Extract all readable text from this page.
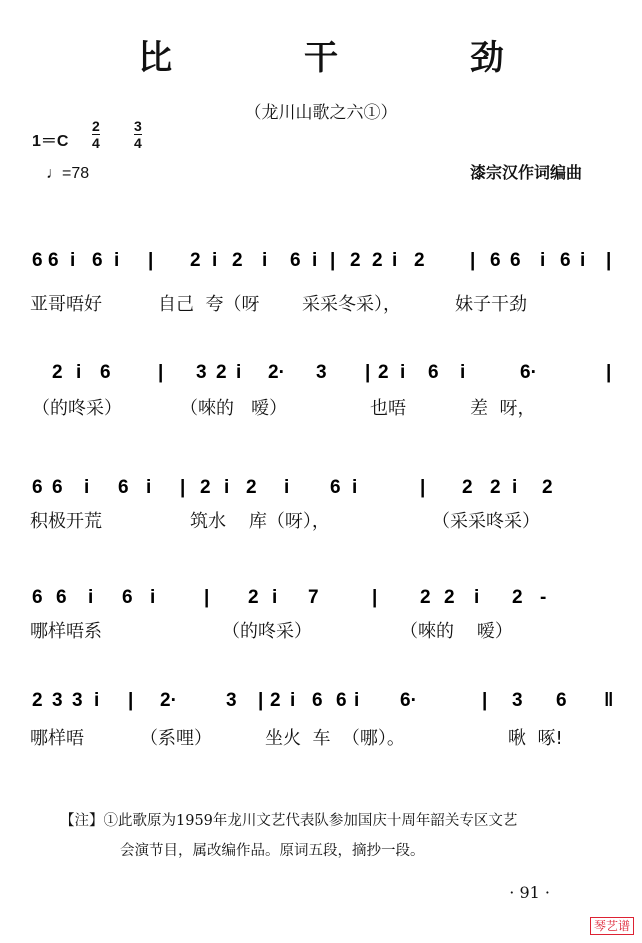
比 干 劲
（龙川山歌之六①）
1＝C
2
4
3
4
♩=78	漆宗汉作词编曲
6 6 i 6 i | 2 i 2 i 6 i | 2 2 i 2 | 6 6 i 6 i |
亚哥唔好	自己  夸（呀 采采冬采），	妹子干劲
2 i 6 | 3 2 i 2· 3 | 2 i 6 i	6·	|
（的咚采）	（唻的   嗳）	也唔	差  呀，
6 6 i 6 i | 2 i 2 i 6 i	| 2 2 i 2
积极开荒	筑水    库（呀），	（采采咚采）
6 6 i 6 i	| 2 i 7	| 2 2 i 2 -
哪样唔系	（的咚采）	（唻的    嗳）
2 3 3 i | 2·	3 | 2 i 6 6 i 6·	| 3 6 ‖
哪样唔	（系哩）	坐火  车  （哪）。	啾  啄!
【注】①此歌原为1959年龙川文艺代表队参加国庆十周年韶关专区文艺
会演节目，属改编作品。原词五段，摘抄一段。
· 91 ·
琴艺谱
